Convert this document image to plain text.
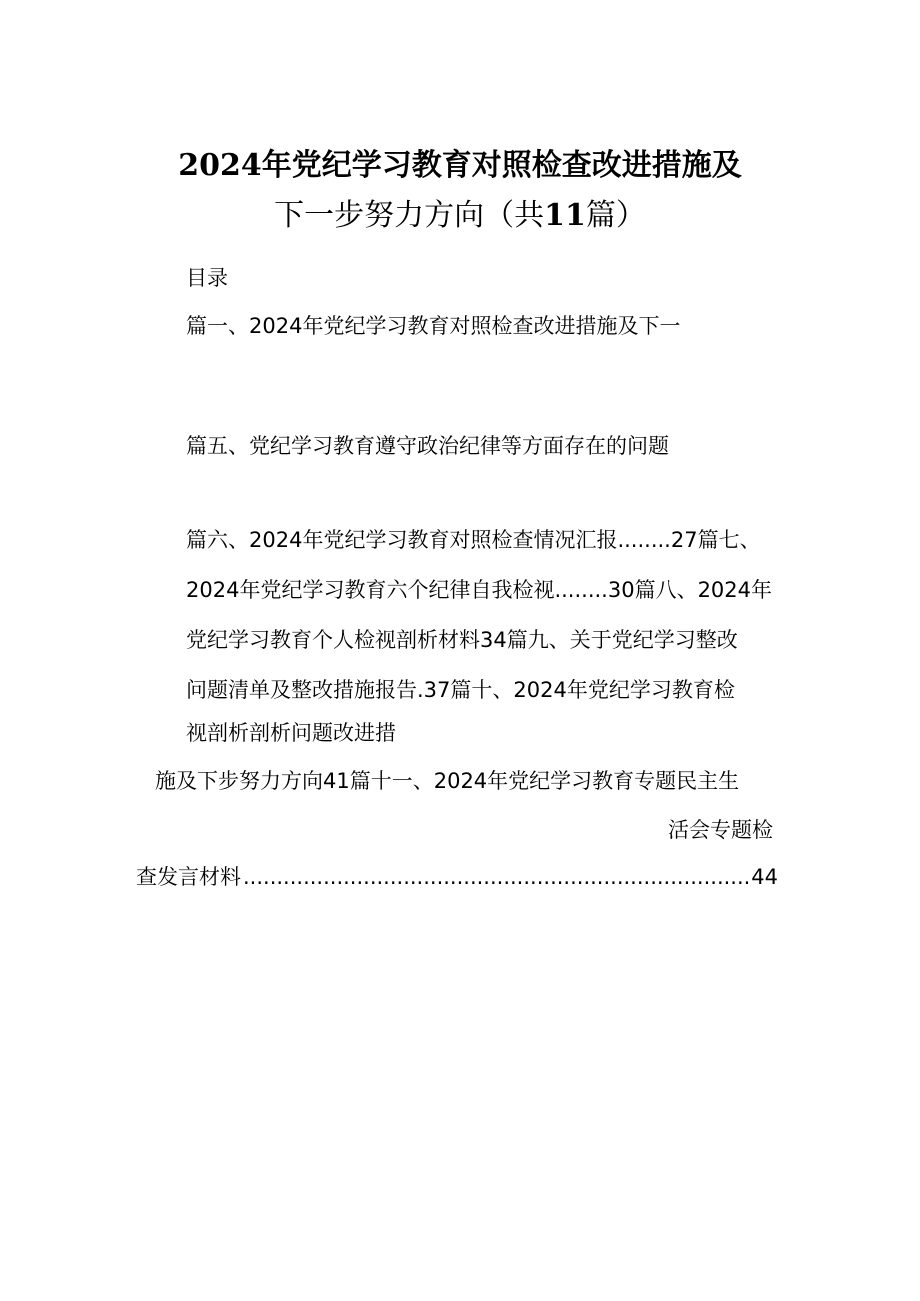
2024年党纪学习教育对照检查改进措施及
下一步努力方向（共11篇）
目录
篇一、2024年党纪学习教育对照检查改进措施及下一
篇五、党纪学习教育遵守政治纪律等方面存在的问题
篇六、2024年党纪学习教育对照检查情况汇报........27篇七、
2024年党纪学习教育六个纪律自我检视........30篇八、2024年
党纪学习教育个人检视剖析材料34篇九、关于党纪学习整改
问题清单及整改措施报告.37篇十、2024年党纪学习教育检
视剖析剖析问题改进措
施及下步努力方向41篇十一、2024年党纪学习教育专题民主生
活会专题检
查发言材料
.....	44
